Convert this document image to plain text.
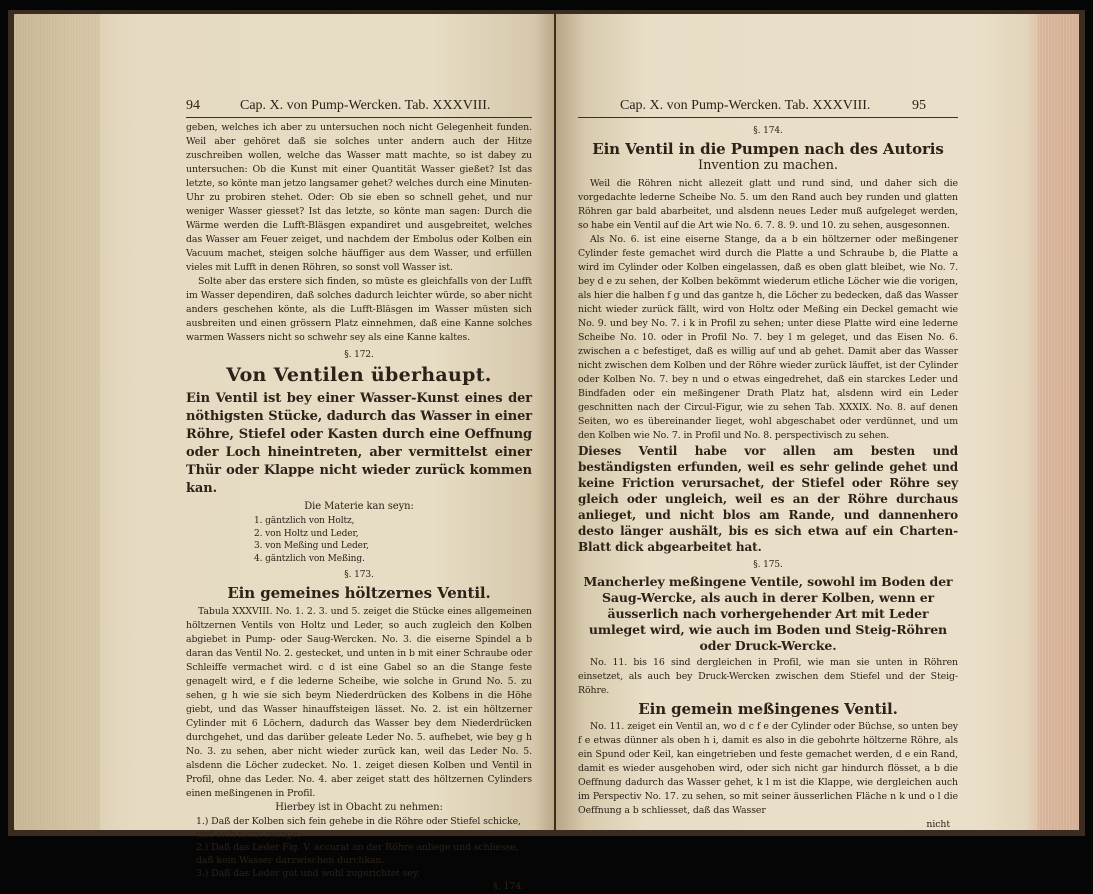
94	Cap. X. von Pump-Wercken. Tab. XXXVIII.

geben, welches ich aber zu untersuchen noch nicht Gelegenheit funden. Weil aber gehöret daß sie solches unter andern auch der Hitze zuschreiben wollen, welche das Wasser matt machte, so ist dabey zu untersuchen: Ob die Kunst mit einer Quantität Wasser gießet? Ist das letzte, so könte man jetzo langsamer gehet? welches durch eine Minuten-Uhr zu probiren stehet. Oder: Ob sie eben so schnell gehet, und nur weniger Wasser giesset? Ist das letzte, so könte man sagen: Durch die Wärme werden die Lufft-Bläsgen expandiret und ausgebreitet, welches das Wasser am Feuer zeiget, und nachdem der Embolus oder Kolben ein Vacuum machet, steigen solche häuffiger aus dem Wasser, und erfüllen vieles mit Lufft in denen Röhren, so sonst voll Wasser ist.

Solte aber das erstere sich finden, so müste es gleichfalls von der Lufft im Wasser dependiren, daß solches dadurch leichter würde, so aber nicht anders geschehen könte, als die Lufft-Bläsgen im Wasser müsten sich ausbreiten und einen grössern Platz einnehmen, daß eine Kanne solches warmen Wassers nicht so schwehr sey als eine Kanne kaltes.

§. 172.
Von Ventilen überhaupt.

Ein Ventil ist bey einer Wasser-Kunst eines der nöthigsten Stücke, dadurch das Wasser in einer Röhre, Stiefel oder Kasten durch eine Oeffnung oder Loch hineintreten, aber vermittelst einer Thür oder Klappe nicht wieder zurück kommen kan.

Die Materie kan seyn:
1. gäntzlich von Holtz,
2. von Holtz und Leder,
3. von Meßing und Leder,
4. gäntzlich von Meßing.
§. 173.
Ein gemeines höltzernes Ventil.

Tabula XXXVIII. No. 1. 2. 3. und 5. zeiget die Stücke eines allgemeinen höltzernen Ventils von Holtz und Leder, so auch zugleich den Kolben abgiebet in Pump- oder Saug-Wercken. No. 3. die eiserne Spindel a b daran das Ventil No. 2. gestecket, und unten in b mit einer Schraube oder Schleiffe vermachet wird. c d ist eine Gabel so an die Stange feste genagelt wird, e f die lederne Scheibe, wie solche in Grund No. 5. zu sehen, g h wie sie sich beym Niederdrücken des Kolbens in die Höhe giebt, und das Wasser hinauffsteigen lässet. No. 2. ist ein höltzerner Cylinder mit 6 Löchern, dadurch das Wasser bey dem Niederdrücken durchgehet, und das darüber geleate Leder No. 5. aufhebet, wie bey g h No. 3. zu sehen, aber nicht wieder zurück kan, weil das Leder No. 5. alsdenn die Löcher zudecket. No. 1. zeiget diesen Kolben und Ventil in Profil, ohne das Leder. No. 4. aber zeiget statt des höltzernen Cylinders einen meßingenen in Profil.

Hierbey ist in Obacht zu nehmen:
1.) Daß der Kolben sich fein gehebe in die Röhre oder Stiefel schicke, und sich nicht zwinge.
2.) Daß das Leder Fig. V. accurat an der Röhre anliege und schliesse, daß kein Wasser darzwischen durchkan.
3.) Daß das Leder gut und wohl zugerichtet sey.
§. 174.
Cap. X. von Pump-Wercken. Tab. XXXVIII.	95
§. 174.
Ein Ventil in die Pumpen nach des Autoris
Invention zu machen.

Weil die Röhren nicht allezeit glatt und rund sind, und daher sich die vorgedachte lederne Scheibe No. 5. um den Rand auch bey runden und glatten Röhren gar bald abarbeitet, und alsdenn neues Leder muß aufgeleget werden, so habe ein Ventil auf die Art wie No. 6. 7. 8. 9. und 10. zu sehen, ausgesonnen.

Als No. 6. ist eine eiserne Stange, da a b ein höltzerner oder meßingener Cylinder feste gemachet wird durch die Platte a und Schraube b, die Platte a wird im Cylinder oder Kolben eingelassen, daß es oben glatt bleibet, wie No. 7. bey d e zu sehen, der Kolben bekömmt wiederum etliche Löcher wie die vorigen, als hier die halben f g und das gantze h, die Löcher zu bedecken, daß das Wasser nicht wieder zurück fällt, wird von Holtz oder Meßing ein Deckel gemacht wie No. 9. und bey No. 7. i k in Profil zu sehen; unter diese Platte wird eine lederne Scheibe No. 10. oder in Profil No. 7. bey l m geleget, und das Eisen No. 6. zwischen a c befestiget, daß es willig auf und ab gehet. Damit aber das Wasser nicht zwischen dem Kolben und der Röhre wieder zurück läuffet, ist der Cylinder oder Kolben No. 7. bey n und o etwas eingedrehet, daß ein starckes Leder und Bindfaden oder ein meßingener Drath Platz hat, alsdenn wird ein Leder geschnitten nach der Circul-Figur, wie zu sehen Tab. XXXIX. No. 8. auf denen Seiten, wo es übereinander lieget, wohl abgeschabet oder verdünnet, und um den Kolben wie No. 7. in Profil und No. 8. perspectivisch zu sehen.

Dieses Ventil habe vor allen am besten und beständigsten erfunden, weil es sehr gelinde gehet und keine Friction verursachet, der Stiefel oder Röhre sey gleich oder ungleich, weil es an der Röhre durchaus anlieget, und nicht blos am Rande, und dannenhero desto länger aushält, bis es sich etwa auf ein Charten-Blatt dick abgearbeitet hat.

§. 175.
Mancherley meßingene Ventile, sowohl im Boden der Saug-Wercke, als auch in derer Kolben, wenn er äusserlich nach vorhergehender Art mit Leder umleget wird, wie auch im Boden und Steig-Röhren oder Druck-Wercke.

No. 11. bis 16 sind dergleichen in Profil, wie man sie unten in Röhren einsetzet, als auch bey Druck-Wercken zwischen dem Stiefel und der Steig-Röhre.

Ein gemein meßingenes Ventil.

No. 11. zeiget ein Ventil an, wo d c f e der Cylinder oder Büchse, so unten bey f e etwas dünner als oben h i, damit es also in die gebohrte höltzerne Röhre, als ein Spund oder Keil, kan eingetrieben und feste gemachet werden, d e ein Rand, damit es wieder ausgehoben wird, oder sich nicht gar hindurch flösset, a b die Oeffnung dadurch das Wasser gehet, k l m ist die Klappe, wie dergleichen auch im Perspectiv No. 17. zu sehen, so mit seiner äusserlichen Fläche n k und o l die Oeffnung a b schliesset, daß das Wasser

nicht
